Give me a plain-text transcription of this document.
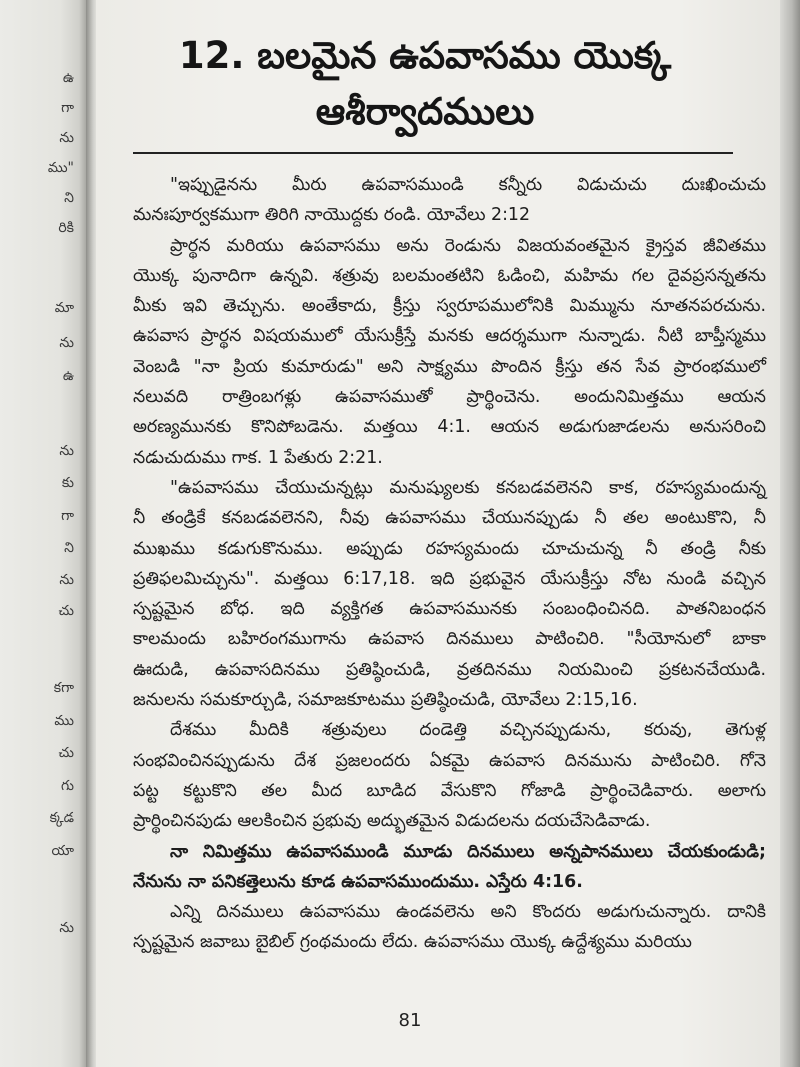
ఉ
గా
ను
ము"
ని
రికి
మా
ను
ఉ
ను
కు
గా
ని
ను
చు
కగా
ము
చు
గు
క్కడ
యా
ను
12. బలమైన ఉపవాసము యొక్క
ఆశీర్వాదములు
"ఇప్పుడైనను మీరు ఉపవాసముండి కన్నీరు విడుచుచు దుఃఖించుచు
మనఃపూర్వకముగా తిరిగి నాయొద్దకు రండి. యోవేలు 2:12
ప్రార్థన మరియు ఉపవాసము అను రెండును విజయవంతమైన క్రైస్తవ జీవితము
యొక్క పునాదిగా ఉన్నవి. శత్రువు బలమంతటిని ఓడించి, మహిమ గల దైవప్రసన్నతను
మీకు ఇవి తెచ్చును. అంతేకాదు, క్రీస్తు స్వరూపములోనికి మిమ్మును నూతనపరచును.
ఉపవాస ప్రార్థన విషయములో యేసుక్రీస్తే మనకు ఆదర్శముగా నున్నాడు. నీటి బాప్తీస్మము
వెంబడి "నా ప్రియ కుమారుడు" అని సాక్ష్యము పొందిన క్రీస్తు తన సేవ ప్రారంభములో
నలువది రాత్రింబగళ్లు ఉపవాసముతో ప్రార్థించెను. అందునిమిత్తము ఆయన
అరణ్యమునకు కొనిపోబడెను. మత్తయి 4:1. ఆయన అడుగుజాడలను అనుసరించి
నడుచుదుము గాక. 1 పేతురు 2:21.
"ఉపవాసము చేయుచున్నట్లు మనుష్యులకు కనబడవలెనని కాక, రహస్యమందున్న
నీ తండ్రికే కనబడవలెనని, నీవు ఉపవాసము చేయునప్పుడు నీ తల అంటుకొని, నీ
ముఖము కడుగుకొనుము. అప్పుడు రహస్యమందు చూచుచున్న నీ తండ్రి నీకు
ప్రతిఫలమిచ్చును". మత్తయి 6:17,18. ఇది ప్రభువైన యేసుక్రీస్తు నోట నుండి వచ్చిన
స్పష్టమైన బోధ. ఇది వ్యక్తిగత ఉపవాసమునకు సంబంధించినది. పాతనిబంధన
కాలమందు బహిరంగముగాను ఉపవాస దినములు పాటించిరి. "సీయోనులో బాకా
ఊదుడి, ఉపవాసదినము ప్రతిష్ఠించుడి, వ్రతదినము నియమించి ప్రకటనచేయుడి.
జనులను సమకూర్చుడి, సమాజకూటము ప్రతిష్ఠించుడి, యోవేలు 2:15,16.
దేశము మీదికి శత్రువులు దండెత్తి వచ్చినప్పుడును, కరువు, తెగుళ్ల
సంభవించినప్పుడును దేశ ప్రజలందరు ఏకమై ఉపవాస దినమును పాటించిరి. గోనె
పట్ట కట్టుకొని తల మీద బూడిద వేసుకొని గోజాడి ప్రార్థించెడివారు. అలాగు
ప్రార్థించినపుడు ఆలకించిన ప్రభువు అద్భుతమైన విడుదలను దయచేసెడివాడు.
నా నిమిత్తము ఉపవాసముండి మూడు దినములు అన్నపానములు చేయకుండుడి;
నేనును నా పనికత్తెలును కూడ ఉపవాసముందుము. ఎస్తేరు 4:16.
ఎన్ని దినములు ఉపవాసము ఉండవలెను అని కొందరు అడుగుచున్నారు. దానికి
స్పష్టమైన జవాబు బైబిల్ గ్రంథమందు లేదు. ఉపవాసము యొక్క ఉద్దేశ్యము మరియు
81
